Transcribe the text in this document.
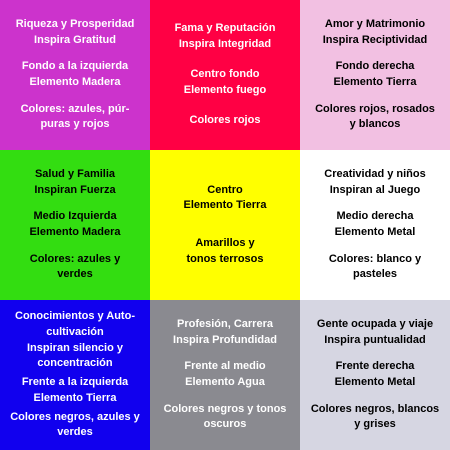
Riqueza y Prosperidad
Inspira Gratitud
Fondo a la izquierda
Elemento Madera
Colores: azules, púr-
puras y rojos
Fama y Reputación
Inspira Integridad
Centro fondo
Elemento fuego
Colores rojos
Amor y Matrimonio
Inspira Reciptividad
Fondo derecha
Elemento Tierra
Colores rojos, rosados
y blancos
Salud y Familia
Inspiran Fuerza
Medio Izquierda
Elemento Madera
Colores: azules y
verdes
Centro
Elemento Tierra
Amarillos y
tonos terrosos
Creatividad y niños
Inspiran al Juego
Medio derecha
Elemento Metal
Colores: blanco y
pasteles
Conocimientos y Auto-
cultivación
Inspiran silencio y
concentración
Frente a la izquierda
Elemento Tierra
Colores negros, azules y
verdes
Profesión, Carrera
Inspira Profundidad
Frente al medio
Elemento Agua
Colores negros y tonos
oscuros
Gente ocupada y viaje
Inspira puntualidad
Frente derecha
Elemento Metal
Colores negros, blancos
y grises
